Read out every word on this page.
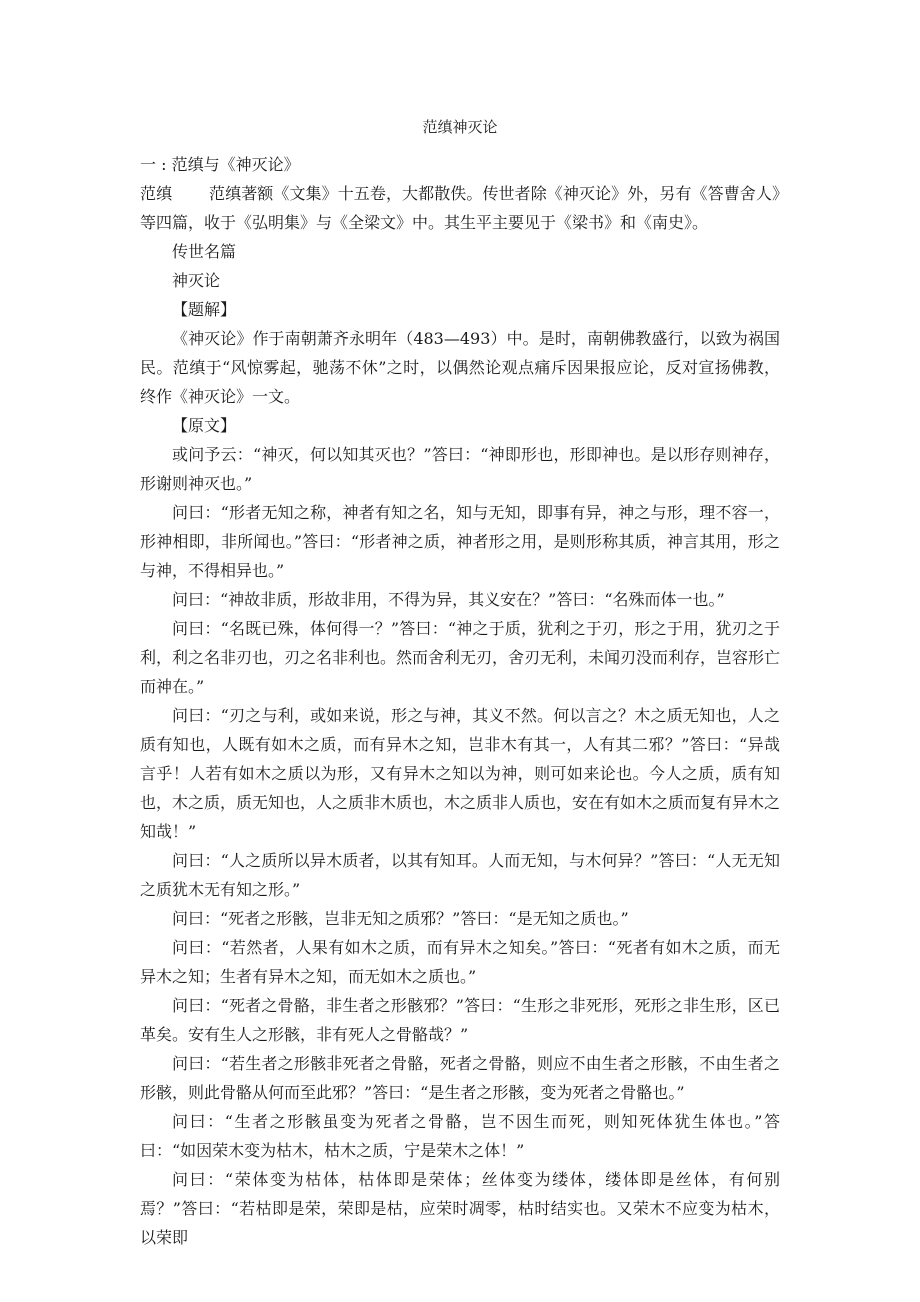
范缜神灭论

一 : 范缜与《神灭论》

范缜 范缜著额《文集》十五卷，大都散佚。传世者除《神灭论》外，另有《答曹舍人》等四篇，收于《弘明集》与《全梁文》中。其生平主要见于《梁书》和《南史》。

传世名篇

神灭论

【题解】

《神灭论》作于南朝萧齐永明年（483—493）中。是时，南朝佛教盛行，以致为祸国民。范缜于“风惊雾起，驰荡不休”之时，以偶然论观点痛斥因果报应论，反对宣扬佛教，终作《神灭论》一文。

【原文】

或问予云：“神灭，何以知其灭也？”答曰：“神即形也，形即神也。是以形存则神存，形谢则神灭也。”

问曰：“形者无知之称，神者有知之名，知与无知，即事有异，神之与形，理不容一，形神相即，非所闻也。”答曰：“形者神之质，神者形之用，是则形称其质，神言其用，形之与神，不得相异也。”

问曰：“神故非质，形故非用，不得为异，其义安在？”答曰：“名殊而体一也。”

问曰：“名既已殊，体何得一？”答曰：“神之于质，犹利之于刃，形之于用，犹刃之于利，利之名非刃也，刃之名非利也。然而舍利无刃，舍刃无利，未闻刃没而利存，岂容形亡而神在。”

问曰：“刃之与利，或如来说，形之与神，其义不然。何以言之？木之质无知也，人之质有知也，人既有如木之质，而有异木之知，岂非木有其一，人有其二邪？”答曰：“异哉言乎！人若有如木之质以为形，又有异木之知以为神，则可如来论也。今人之质，质有知也，木之质，质无知也，人之质非木质也，木之质非人质也，安在有如木之质而复有异木之知哉！”

问曰：“人之质所以异木质者，以其有知耳。人而无知，与木何异？”答曰：“人无无知之质犹木无有知之形。”

问曰：“死者之形骸，岂非无知之质邪？”答曰：“是无知之质也。”

问曰：“若然者，人果有如木之质，而有异木之知矣。”答曰：“死者有如木之质，而无异木之知；生者有异木之知，而无如木之质也。”

问曰：“死者之骨骼，非生者之形骸邪？”答曰：“生形之非死形，死形之非生形，区已革矣。安有生人之形骸，非有死人之骨骼哉？”

问曰：“若生者之形骸非死者之骨骼，死者之骨骼，则应不由生者之形骸，不由生者之形骸，则此骨骼从何而至此邪？”答曰：“是生者之形骸，变为死者之骨骼也。”

问曰：“生者之形骸虽变为死者之骨骼，岂不因生而死，则知死体犹生体也。”答曰：“如因荣木变为枯木，枯木之质，宁是荣木之体！”

问曰：“荣体变为枯体，枯体即是荣体；丝体变为缕体，缕体即是丝体，有何别焉？”答曰：“若枯即是荣，荣即是枯，应荣时凋零，枯时结实也。又荣木不应变为枯木，以荣即
